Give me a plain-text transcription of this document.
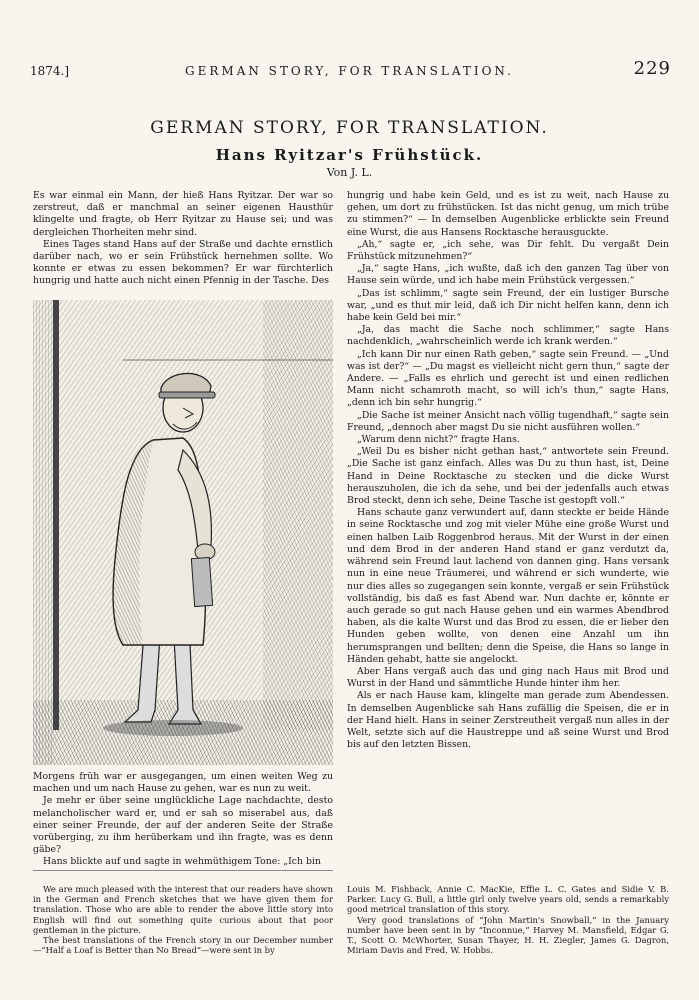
1874.]	GERMAN STORY, FOR TRANSLATION.	229
GERMAN STORY, FOR TRANSLATION.
Hans Ryitzar's Frühstück.
Von J. L.

Es war einmal ein Mann, der hieß Hans Ryitzar. Der war so zerstreut, daß er manchmal an seiner eigenen Hausthür klingelte und fragte, ob Herr Ryitzar zu Hause sei; und was dergleichen Thorheiten mehr sind.

Eines Tages stand Hans auf der Straße und dachte ernstlich darüber nach, wo er sein Frühstück hernehmen sollte. Wo konnte er etwas zu essen bekommen? Er war fürchterlich hungrig und hatte auch nicht einen Pfennig in der Tasche. Des

Morgens früh war er ausgegangen, um einen weiten Weg zu machen und um nach Hause zu gehen, war es nun zu weit.

Je mehr er über seine unglückliche Lage nachdachte, desto melancholischer ward er, und er sah so miserabel aus, daß einer seiner Freunde, der auf der anderen Seite der Straße vorüberging, zu ihm herüberkam und ihn fragte, was es denn gäbe?

Hans blickte auf und sagte in wehmüthigem Tone: „Ich bin

hungrig und habe kein Geld, und es ist zu weit, nach Hause zu gehen, um dort zu frühstücken. Ist das nicht genug, um mich trübe zu stimmen?“ — In demselben Augenblicke erblickte sein Freund eine Wurst, die aus Hansens Rocktasche herausguckte.

„Ah,“ sagte er, „ich sehe, was Dir fehlt. Du vergaßt Dein Frühstück mitzunehmen?“

„Ja,“ sagte Hans, „ich wußte, daß ich den ganzen Tag über von Hause sein würde, und ich habe mein Frühstück vergessen.“

„Das ist schlimm,“ sagte sein Freund, der ein lustiger Bursche war, „und es thut mir leid, daß ich Dir nicht helfen kann, denn ich habe kein Geld bei mir.“

„Ja, das macht die Sache noch schlimmer,“ sagte Hans nachdenklich, „wahrscheinlich werde ich krank werden.“

„Ich kann Dir nur einen Rath geben,“ sagte sein Freund. — „Und was ist der?“ — „Du magst es vielleicht nicht gern thun,“ sagte der Andere. — „Falls es ehrlich und gerecht ist und einen redlichen Mann nicht schamroth macht, so will ich's thun,“ sagte Hans, „denn ich bin sehr hungrig.“

„Die Sache ist meiner Ansicht nach völlig tugendhaft,“ sagte sein Freund, „dennoch aber magst Du sie nicht ausführen wollen.“

„Warum denn nicht?“ fragte Hans.

„Weil Du es bisher nicht gethan hast,“ antwortete sein Freund. „Die Sache ist ganz einfach. Alles was Du zu thun hast, ist, Deine Hand in Deine Rocktasche zu stecken und die dicke Wurst herauszuholen, die ich da sehe, und bei der jedenfalls auch etwas Brod steckt, denn ich sehe, Deine Tasche ist gestopft voll.“

Hans schaute ganz verwundert auf, dann steckte er beide Hände in seine Rocktasche und zog mit vieler Mühe eine große Wurst und einen halben Laib Roggenbrod heraus. Mit der Wurst in der einen und dem Brod in der anderen Hand stand er ganz verdutzt da, während sein Freund laut lachend von dannen ging. Hans versank nun in eine neue Träumerei, und während er sich wunderte, wie nur dies alles so zugegangen sein konnte, vergaß er sein Frühstück vollständig, bis daß es fast Abend war. Nun dachte er, könnte er auch gerade so gut nach Hause gehen und ein warmes Abendbrod haben, als die kalte Wurst und das Brod zu essen, die er lieber den Hunden geben wollte, von denen eine Anzahl um ihn herumsprangen und bellten; denn die Speise, die Hans so lange in Händen gehabt, hatte sie angelockt.

Aber Hans vergaß auch das und ging nach Haus mit Brod und Wurst in der Hand und sämmtliche Hunde hinter ihm her.

Als er nach Hause kam, klingelte man gerade zum Abendessen. In demselben Augenblicke sah Hans zufällig die Speisen, die er in der Hand hielt. Hans in seiner Zerstreutheit vergaß nun alles in der Welt, setzte sich auf die Haustreppe und aß seine Wurst und Brod bis auf den letzten Bissen.

We are much pleased with the interest that our readers have shown in the German and French sketches that we have given them for translation. Those who are able to render the above little story into English will find out something quite curious about that poor gentleman in the picture.

The best translations of the French story in our December number—“Half a Loaf is Better than No Bread”—were sent in by

Louis M. Fishback, Annie C. MacKie, Effie L. C. Gates and Sidie V. B. Parker. Lucy G. Bull, a little girl only twelve years old, sends a remarkably good metrical translation of this story.

Very good translations of “John Martin's Snowball,” in the January number have been sent in by “Inconnue,” Harvey M. Mansfield, Edgar G. T., Scott O. McWhorter, Susan Thayer, H. H. Ziegler, James G. Dagron, Miriam Davis and Fred. W. Hobbs.
